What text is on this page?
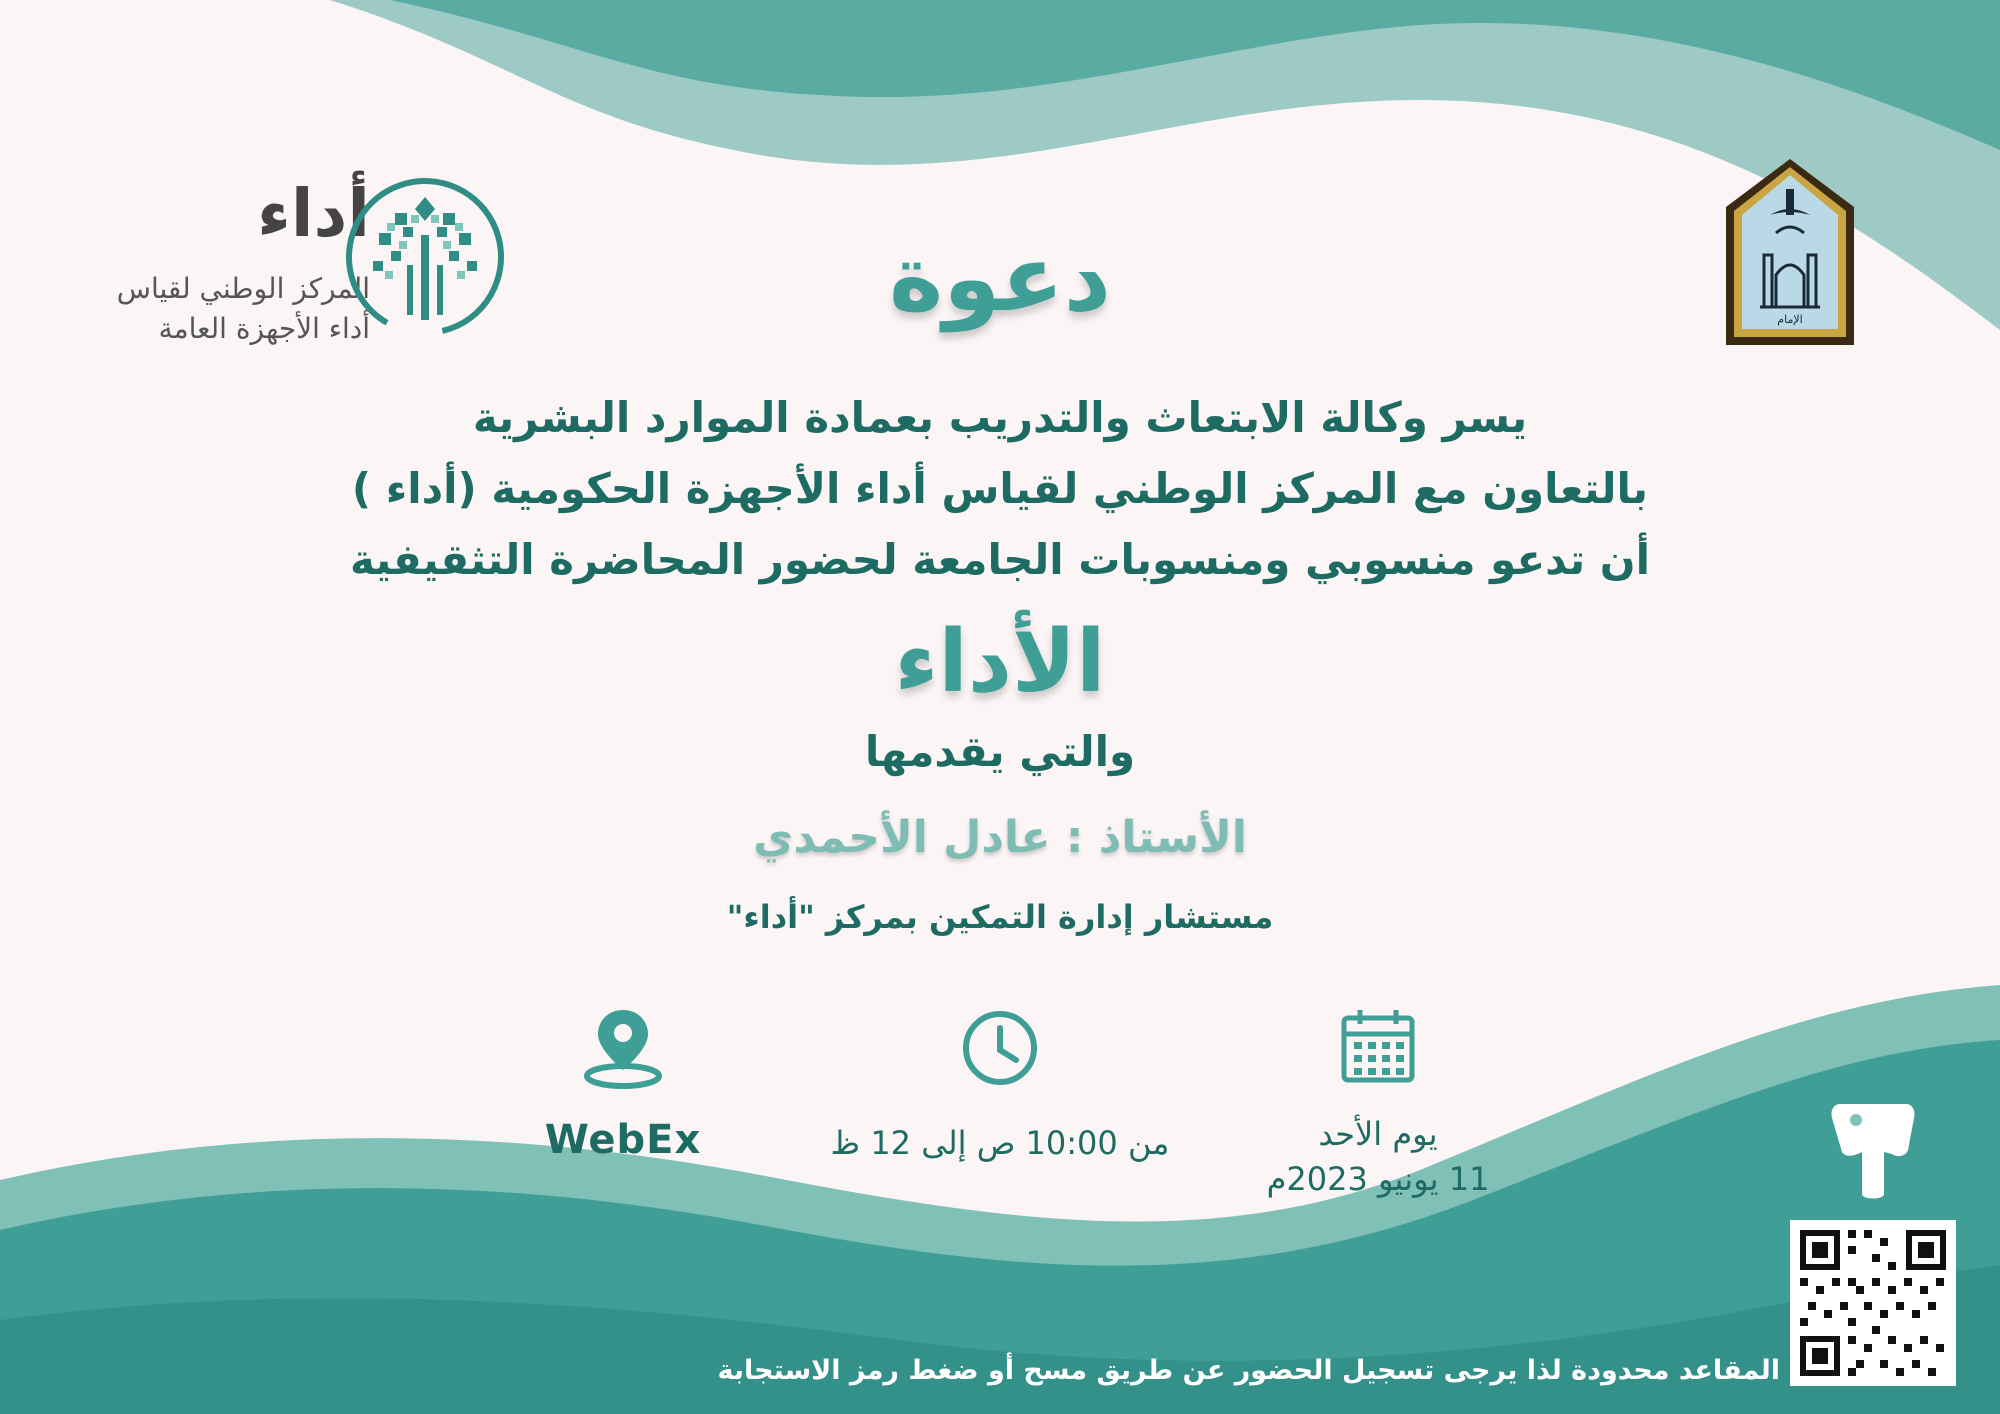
أداء
المركز الوطني لقياس
أداء الأجهزة العامة	الإمام
دعوة
يسر وكالة الابتعاث والتدريب بعمادة الموارد البشرية
بالتعاون مع المركز الوطني لقياس أداء الأجهزة الحكومية (أداء )
أن تدعو منسوبي ومنسوبات الجامعة لحضور المحاضرة التثقيفية
الأداء
والتي يقدمها
الأستاذ : عادل الأحمدي
مستشار إدارة التمكين بمركز "أداء"
يوم الأحد
11 يونيو 2023م
من 10:00 ص إلى 12 ظ
WebEx
المقاعد محدودة لذا يرجى تسجيل الحضور عن طريق مسح أو ضغط رمز الاستجابة
